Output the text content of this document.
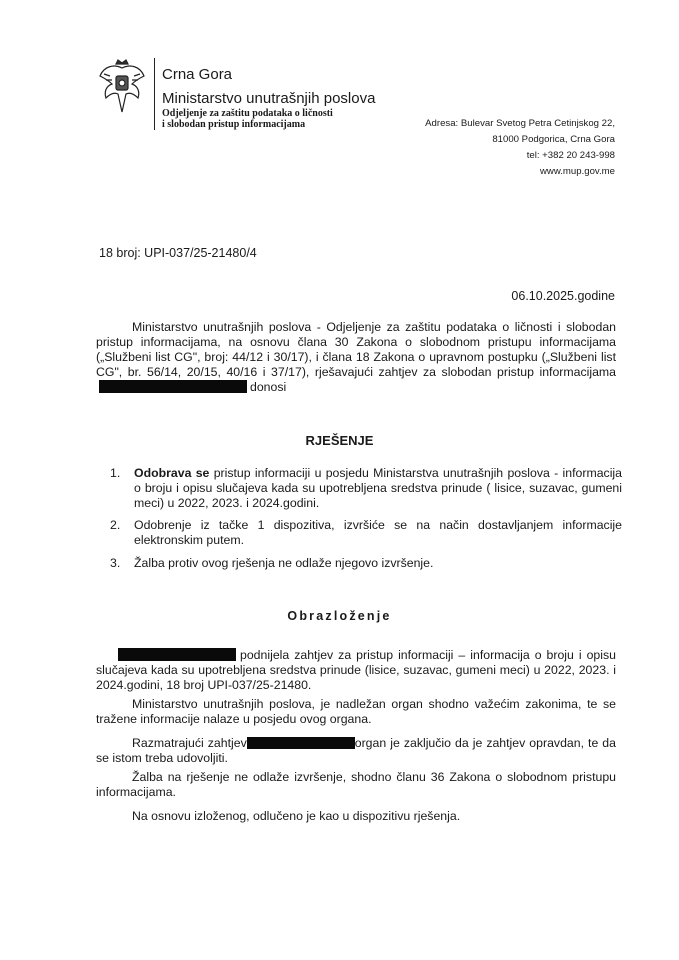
Crna Gora
Ministarstvo unutrašnjih poslova
Odjeljenje za zaštitu podataka o ličnosti
i slobodan pristup informacijama	Adresa: Bulevar Svetog Petra Cetinjskog 22,
81000 Podgorica, Crna Gora
tel: +382 20 243-998
www.mup.gov.me
18 broj: UPI-037/25-21480/4
06.10.2025.godine
Ministarstvo unutrašnjih poslova - Odjeljenje za zaštitu podataka o ličnosti i slobodan pristup informacijama, na osnovu člana 30 Zakona o slobodnom pristupu informacijama („Službeni list CG", broj: 44/12 i 30/17), i člana 18 Zakona o upravnom postupku („Službeni list CG", br. 56/14, 20/15, 40/16 i 37/17), rješavajući zahtjev za slobodan pristup informacijama donosi
RJEŠENJE
1. Odobrava se pristup informaciji u posjedu Ministarstva unutrašnjih poslova - informacija o broju i opisu slučajeva kada su upotrebljena sredstva prinude ( lisice, suzavac, gumeni meci) u 2022, 2023. i 2024.godini.
2. Odobrenje iz tačke 1 dispozitiva, izvršiće se na način dostavljanjem informacije elektronskim putem.
3. Žalba protiv ovog rješenja ne odlaže njegovo izvršenje.
Obrazloženje
podnijela zahtjev za pristup informaciji – informacija o broju i opisu slučajeva kada su upotrebljena sredstva prinude (lisice, suzavac, gumeni meci) u 2022, 2023. i 2024.godini, 18 broj UPI-037/25-21480.
Ministarstvo unutrašnjih poslova, je nadležan organ shodno važećim zakonima, te se tražene informacije nalaze u posjedu ovog organa.
Razmatrajući zahtjev	organ je zaključio da je zahtjev opravdan, te da se istom treba udovoljiti.
Žalba na rješenje ne odlaže izvršenje, shodno članu 36 Zakona o slobodnom pristupu informacijama.
Na osnovu izloženog, odlučeno je kao u dispozitivu rješenja.
